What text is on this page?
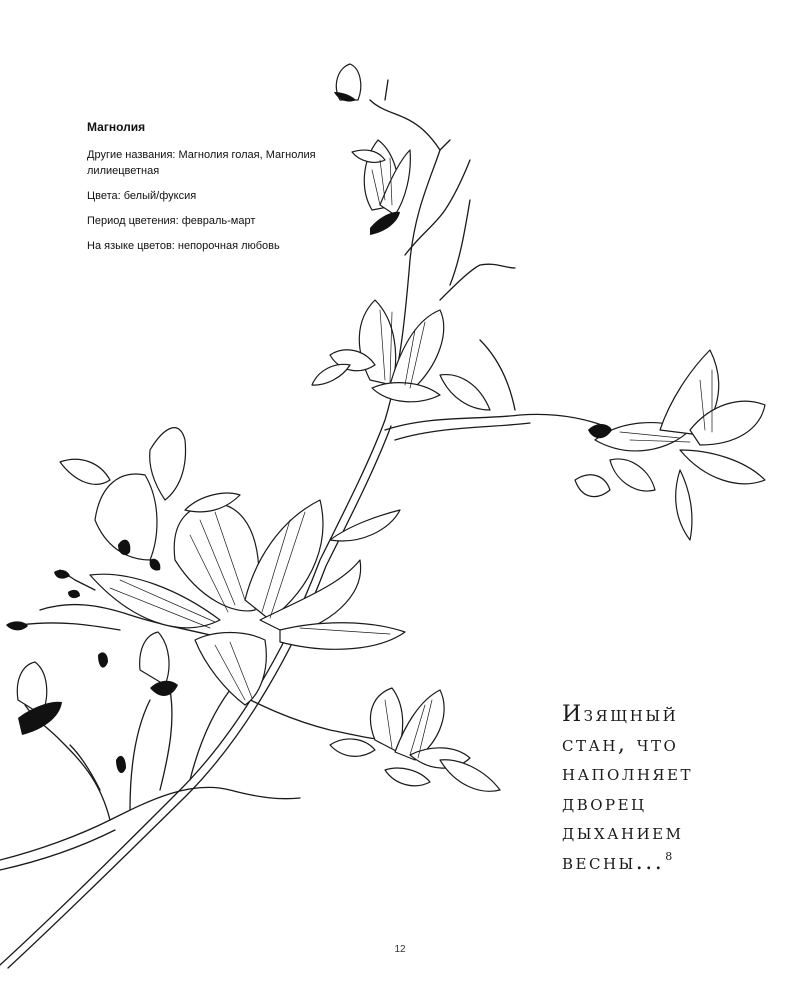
Магнолия

Другие названия: Магнолия голая, Магнолия лилиецветная

Цвета: белый/фуксия

Период цветения: февраль-март

На языке цветов: непорочная любовь

Изящный
стан, что
наполняет
дворец
дыханием
весны...$^8$
12
